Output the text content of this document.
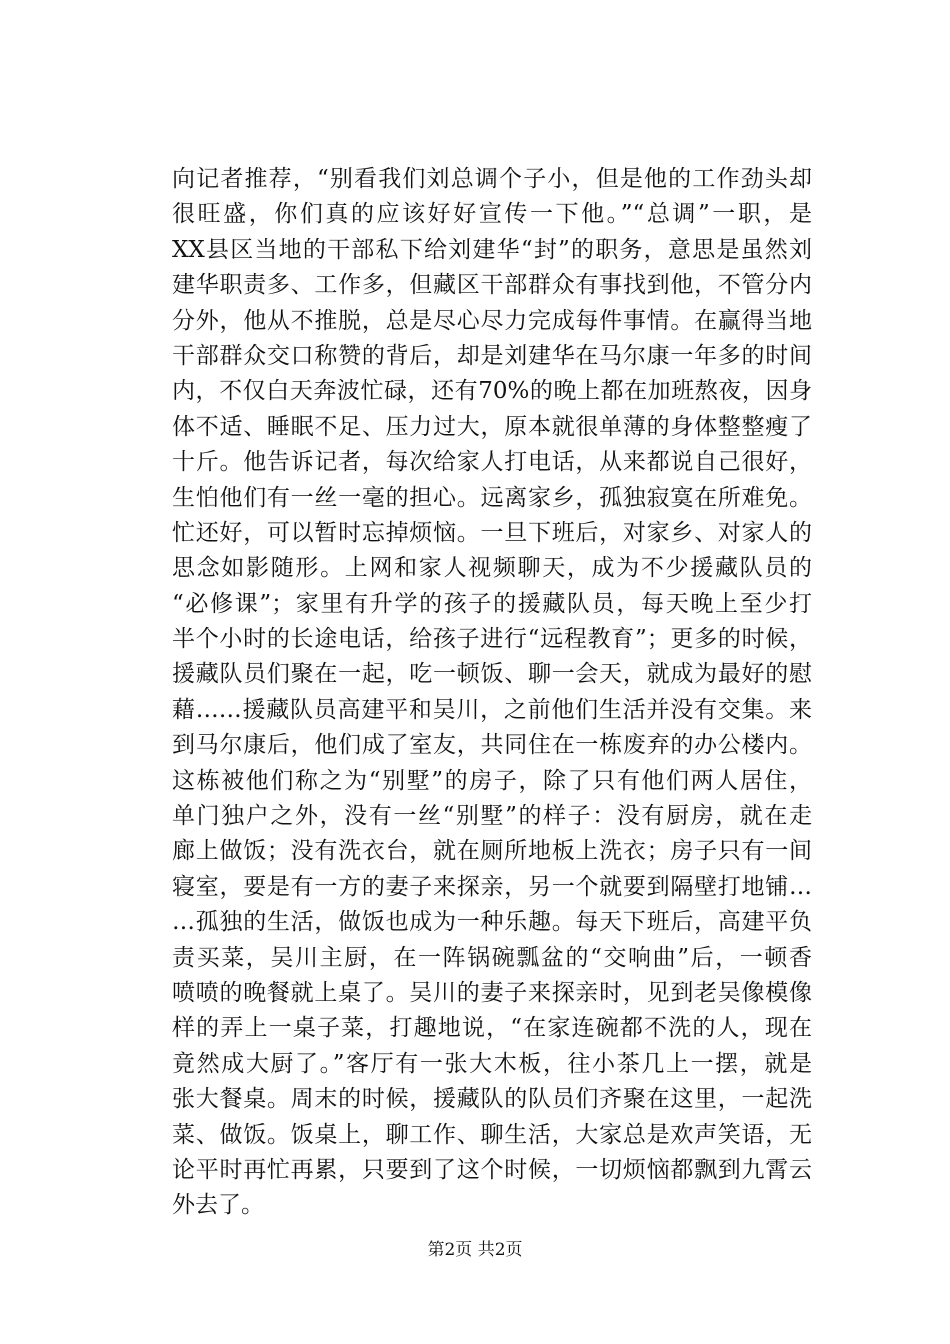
向记者推荐，“别看我们刘总调个子小，但是他的工作劲头却
很旺盛，你们真的应该好好宣传一下他。”“总调”一职，是
XX县区当地的干部私下给刘建华“封”的职务，意思是虽然刘
建华职责多、工作多，但藏区干部群众有事找到他，不管分内
分外，他从不推脱，总是尽心尽力完成每件事情。在赢得当地
干部群众交口称赞的背后，却是刘建华在马尔康一年多的时间
内，不仅白天奔波忙碌，还有70%的晚上都在加班熬夜，因身
体不适、睡眠不足、压力过大，原本就很单薄的身体整整瘦了
十斤。他告诉记者，每次给家人打电话，从来都说自己很好，
生怕他们有一丝一毫的担心。远离家乡，孤独寂寞在所难免。
忙还好，可以暂时忘掉烦恼。一旦下班后，对家乡、对家人的
思念如影随形。上网和家人视频聊天，成为不少援藏队员的
“必修课”；家里有升学的孩子的援藏队员，每天晚上至少打
半个小时的长途电话，给孩子进行“远程教育”；更多的时候，
援藏队员们聚在一起，吃一顿饭、聊一会天，就成为最好的慰
藉……援藏队员高建平和吴川，之前他们生活并没有交集。来
到马尔康后，他们成了室友，共同住在一栋废弃的办公楼内。
这栋被他们称之为“别墅”的房子，除了只有他们两人居住，
单门独户之外，没有一丝“别墅”的样子：没有厨房，就在走
廊上做饭；没有洗衣台，就在厕所地板上洗衣；房子只有一间
寝室，要是有一方的妻子来探亲，另一个就要到隔壁打地铺…
…孤独的生活，做饭也成为一种乐趣。每天下班后，高建平负
责买菜，吴川主厨，在一阵锅碗瓢盆的“交响曲”后，一顿香
喷喷的晚餐就上桌了。吴川的妻子来探亲时，见到老吴像模像
样的弄上一桌子菜，打趣地说，“在家连碗都不洗的人，现在
竟然成大厨了。”客厅有一张大木板，往小茶几上一摆，就是
张大餐桌。周末的时候，援藏队的队员们齐聚在这里，一起洗
菜、做饭。饭桌上，聊工作、聊生活，大家总是欢声笑语，无
论平时再忙再累，只要到了这个时候，一切烦恼都飘到九霄云
外去了。
第2页 共2页
